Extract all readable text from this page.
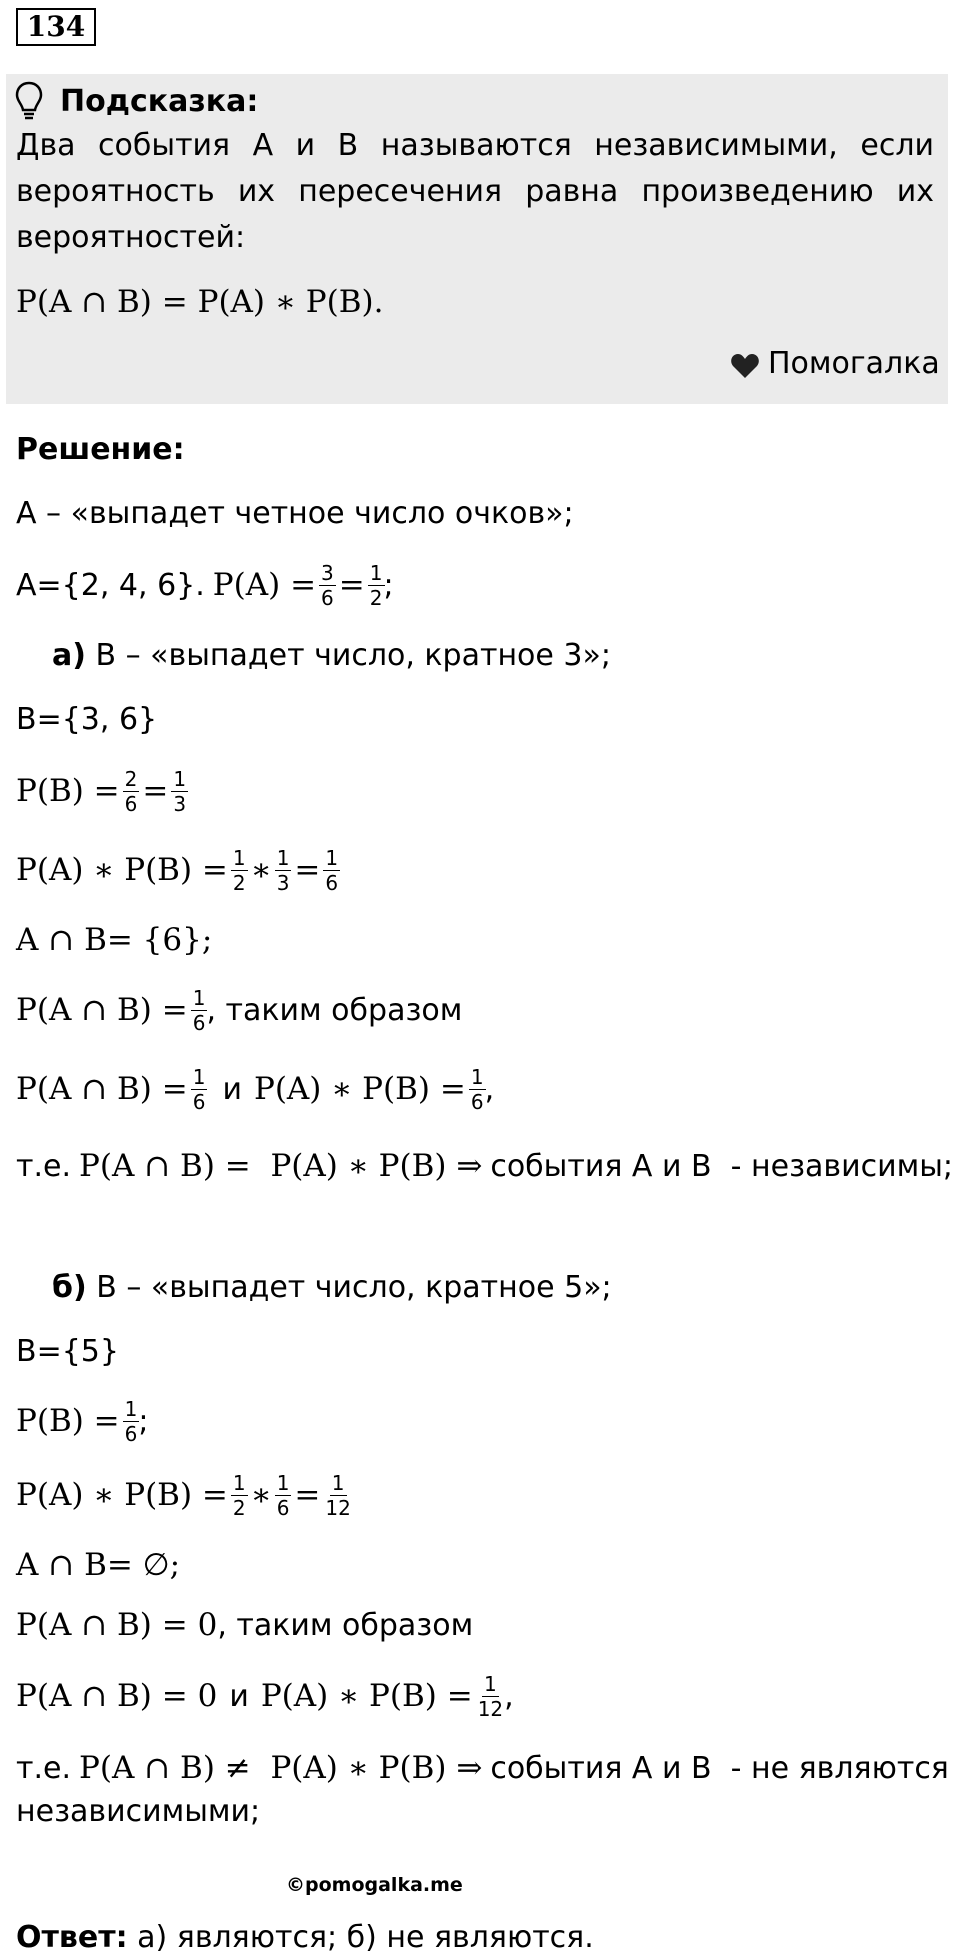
134
Подсказка:
Два события A и B называются независимыми, если вероятность их пересечения равна произведению их вероятностей:
P(A ∩ B) = P(A) ∗ P(B).
Помогалка
Решение:
A – «выпадет четное число очков»;
A={2, 4, 6}. $P(A) = \frac{3}{6} = \frac{1}{2}$ ;
а) B – «выпадет число, кратное 3»;
B={3, 6}
$P(B) = \frac{2}{6} = \frac{1}{3}$
P(A) ∗ $P(B) = \frac{1}{2}$ ∗ $\frac{1}{3} = \frac{1}{6}$
A ∩ B= {6};
P(A ∩ $B) = \frac{1}{6}$ , таким образом
P(A ∩ $B) = \frac{1}{6}$ и P(A) ∗ $P(B) = \frac{1}{6}$ ,
т.е. P(A ∩ B) =  P(A) ∗ P(B) ⇒ события A и B  - независимы;
б) B – «выпадет число, кратное 5»;
B={5}
$P(B) = \frac{1}{6}$ ;
P(A) ∗ $P(B) = \frac{1}{2}$ ∗ $\frac{1}{6} = \frac{1}{12}$
A ∩ B= ∅;
P(A ∩ B) = 0 , таким образом
P(A ∩ B) = 0 и P(A) ∗ $P(B) = \frac{1}{12}$ ,
т.е. P(A ∩ B) ≠  P(A) ∗ P(B) ⇒ события A и B  - не являются
независимыми;
©pomogalka.me
Ответ: а) являются; б) не являются.
